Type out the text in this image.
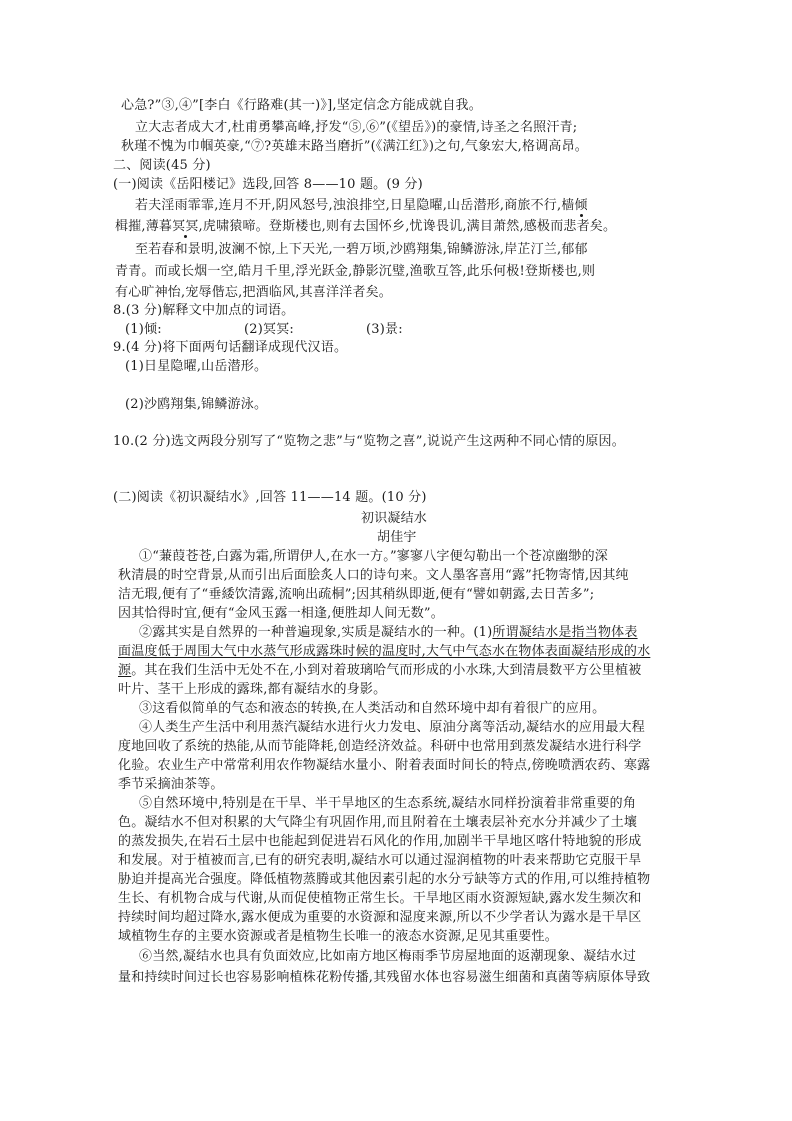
心急?”③,④”[李白《行路难(其一)》],坚定信念方能成就自我。
立大志者成大才,杜甫勇攀高峰,抒发“⑤,⑥”(《望岳》)的豪情,诗圣之名照汗青;
秋瑾不愧为巾帼英豪,“⑦?英雄末路当磨折”(《满江红》)之句,气象宏大,格调高昂。
二、阅读(45 分)
(一)阅读《岳阳楼记》选段,回答 8——10 题。(9 分)
若夫淫雨霏霏,连月不开,阴风怒号,浊浪排空,日星隐曜,山岳潜形,商旅不行,樯倾
楫摧,薄暮冥冥,虎啸猿啼。登斯楼也,则有去国怀乡,忧谗畏讥,满目萧然,感极而悲者矣。
至若春和景明,波澜不惊,上下天光,一碧万顷,沙鸥翔集,锦鳞游泳,岸芷汀兰,郁郁
青青。而或长烟一空,皓月千里,浮光跃金,静影沉璧,渔歌互答,此乐何极!登斯楼也,则
有心旷神怡,宠辱偕忘,把酒临风,其喜洋洋者矣。
8.(3 分)解释文中加点的词语。
(1)倾:	(2)冥冥:	(3)景:
9.(4 分)将下面两句话翻译成现代汉语。
(1)日星隐曜,山岳潜形。
(2)沙鸥翔集,锦鳞游泳。
10.(2 分)选文两段分别写了“览物之悲”与“览物之喜”,说说产生这两种不同心情的原因。
(二)阅读《初识凝结水》,回答 11——14 题。(10 分)
初识凝结水
胡佳宇
①“蒹葭苍苍,白露为霜,所谓伊人,在水一方。”寥寥八字便勾勒出一个苍凉幽缈的深
秋清晨的时空背景,从而引出后面脍炙人口的诗句来。文人墨客喜用“露”托物寄情,因其纯
洁无瑕,便有了“垂緌饮清露,流响出疏桐”;因其稍纵即逝,便有“譬如朝露,去日苦多”;
因其恰得时宜,便有“金风玉露一相逢,便胜却人间无数”。
②露其实是自然界的一种普遍现象,实质是凝结水的一种。(1)所谓凝结水是指当物体表
面温度低于周围大气中水蒸气形成露珠时候的温度时,大气中气态水在物体表面凝结形成的水
源。其在我们生活中无处不在,小到对着玻璃哈气而形成的小水珠,大到清晨数平方公里植被
叶片、茎干上形成的露珠,都有凝结水的身影。
③这看似简单的气态和液态的转换,在人类活动和自然环境中却有着很广的应用。
④人类生产生活中利用蒸汽凝结水进行火力发电、原油分离等活动,凝结水的应用最大程
度地回收了系统的热能,从而节能降耗,创造经济效益。科研中也常用到蒸发凝结水进行科学
化验。农业生产中常常利用农作物凝结水量小、附着表面时间长的特点,傍晚喷洒农药、寒露
季节采摘油茶等。
⑤自然环境中,特别是在干旱、半干旱地区的生态系统,凝结水同样扮演着非常重要的角
色。凝结水不但对积累的大气降尘有巩固作用,而且附着在土壤表层补充水分并减少了土壤
的蒸发损失,在岩石土层中也能起到促进岩石风化的作用,加剧半干旱地区喀什特地貌的形成
和发展。对于植被而言,已有的研究表明,凝结水可以通过湿润植物的叶表来帮助它克服干旱
胁迫并提高光合强度。降低植物蒸腾或其他因素引起的水分亏缺等方式的作用,可以维持植物
生长、有机物合成与代谢,从而促使植物正常生长。干旱地区雨水资源短缺,露水发生频次和
持续时间均超过降水,露水便成为重要的水资源和湿度来源,所以不少学者认为露水是干旱区
域植物生存的主要水资源或者是植物生长唯一的液态水资源,足见其重要性。
⑥当然,凝结水也具有负面效应,比如南方地区梅雨季节房屋地面的返潮现象、凝结水过
量和持续时间过长也容易影响植株花粉传播,其残留水体也容易滋生细菌和真菌等病原体导致
